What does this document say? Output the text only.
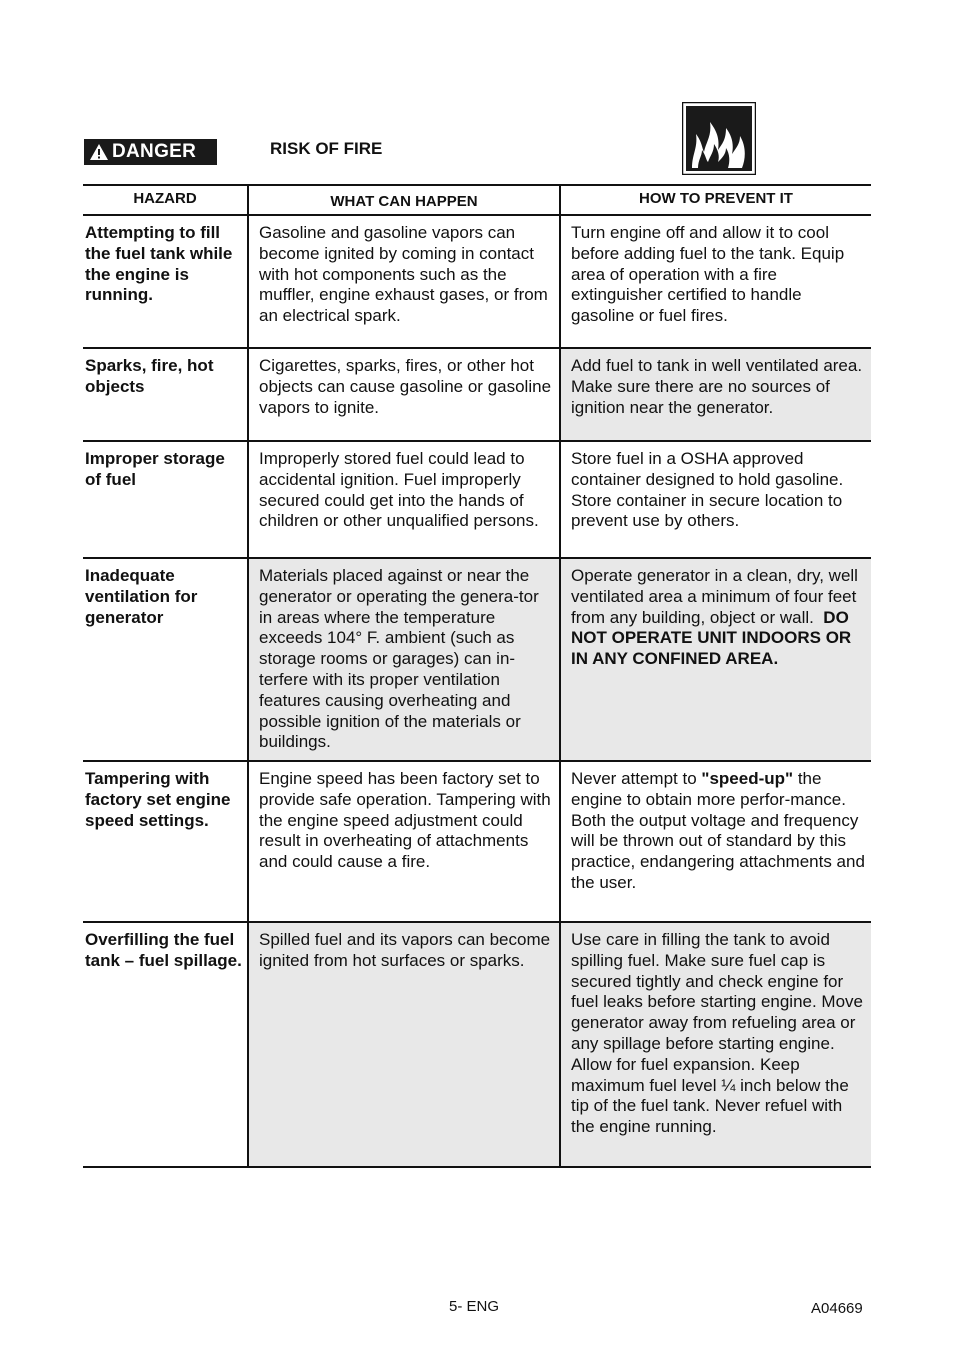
DANGER	RISK OF FIRE
HAZARD	WHAT CAN HAPPEN	HOW TO PREVENT IT
Attempting to fill the fuel tank while the engine is running.	Gasoline and gasoline vapors can become ignited by coming in contact with hot components such as the muffler, engine exhaust gases, or from an electrical spark.	Turn engine off and allow it to cool before adding fuel to the tank. Equip area of operation with a fire extinguisher certified to handle gasoline or fuel fires.
Sparks, fire, hot objects	Cigarettes, sparks, fires, or other hot objects can cause gasoline or gasoline vapors to ignite.	Add fuel to tank in well ventilated area. Make sure there are no sources of ignition near the generator.
Improper storage of fuel	Improperly stored fuel could lead to accidental ignition. Fuel improperly secured could get into the hands of children or other unqualified persons.	Store fuel in a OSHA approved container designed to hold gasoline. Store container in secure location to prevent use by others.
Inadequate ventilation for generator	Materials placed against or near the generator or operating the genera-tor in areas where the temperature exceeds 104° F. ambient (such as storage rooms or garages) can in-terfere with its proper ventilation features causing overheating and possible ignition of the materials or buildings.	Operate generator in a clean, dry, well ventilated area a minimum of four feet from any building, object or wall. DO NOT OPERATE UNIT INDOORS OR IN ANY CONFINED AREA.
Tampering with factory set engine speed settings.	Engine speed has been factory set to provide safe operation. Tampering with the engine speed adjustment could result in overheating of attachments and could cause a fire.	Never attempt to "speed-up" the engine to obtain more perfor-mance. Both the output voltage and frequency will be thrown out of standard by this practice, endangering attachments and the user.
Overfilling the fuel tank – fuel spillage.	Spilled fuel and its vapors can become ignited from hot surfaces or sparks.	Use care in filling the tank to avoid spilling fuel. Make sure fuel cap is secured tightly and check engine for fuel leaks before starting engine. Move generator away from refueling area or any spillage before starting engine. Allow for fuel expansion. Keep maximum fuel level ¼ inch below the tip of the fuel tank. Never refuel with the engine running.
5- ENG	A04669
